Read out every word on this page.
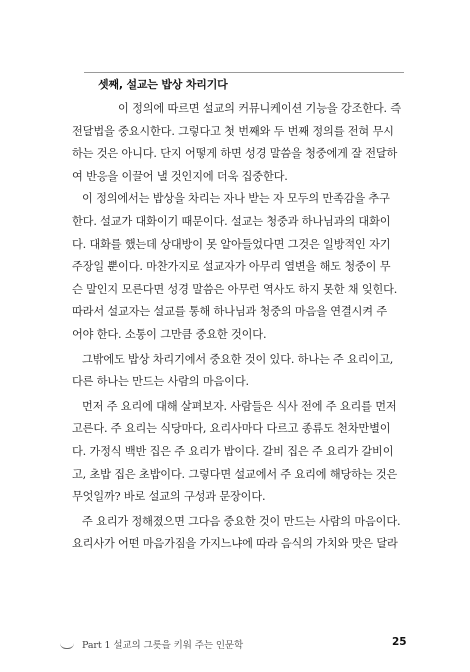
셋째, 설교는 밥상 차리기다
이 정의에 따르면 설교의 커뮤니케이션 기능을 강조한다. 즉
전달법을 중요시한다. 그렇다고 첫 번째와 두 번째 정의를 전혀 무시
하는 것은 아니다. 단지 어떻게 하면 성경 말씀을 청중에게 잘 전달하
여 반응을 이끌어 낼 것인지에 더욱 집중한다.
이 정의에서는 밥상을 차리는 자나 받는 자 모두의 만족감을 추구
한다. 설교가 대화이기 때문이다. 설교는 청중과 하나님과의 대화이
다. 대화를 했는데 상대방이 못 알아들었다면 그것은 일방적인 자기
주장일 뿐이다. 마찬가지로 설교자가 아무리 열변을 해도 청중이 무
슨 말인지 모른다면 성경 말씀은 아무런 역사도 하지 못한 채 잊힌다.
따라서 설교자는 설교를 통해 하나님과 청중의 마음을 연결시켜 주
어야 한다. 소통이 그만큼 중요한 것이다.
그밖에도 밥상 차리기에서 중요한 것이 있다. 하나는 주 요리이고,
다른 하나는 만드는 사람의 마음이다.
먼저 주 요리에 대해 살펴보자. 사람들은 식사 전에 주 요리를 먼저
고른다. 주 요리는 식당마다, 요리사마다 다르고 종류도 천차만별이
다. 가정식 백반 집은 주 요리가 밥이다. 갈비 집은 주 요리가 갈비이
고, 초밥 집은 초밥이다. 그렇다면 설교에서 주 요리에 해당하는 것은
무엇일까? 바로 설교의 구성과 문장이다.
주 요리가 정해졌으면 그다음 중요한 것이 만드는 사람의 마음이다.
요리사가 어떤 마음가짐을 가지느냐에 따라 음식의 가치와 맛은 달라
Part 1 설교의 그릇을 키워 주는 인문학	25
